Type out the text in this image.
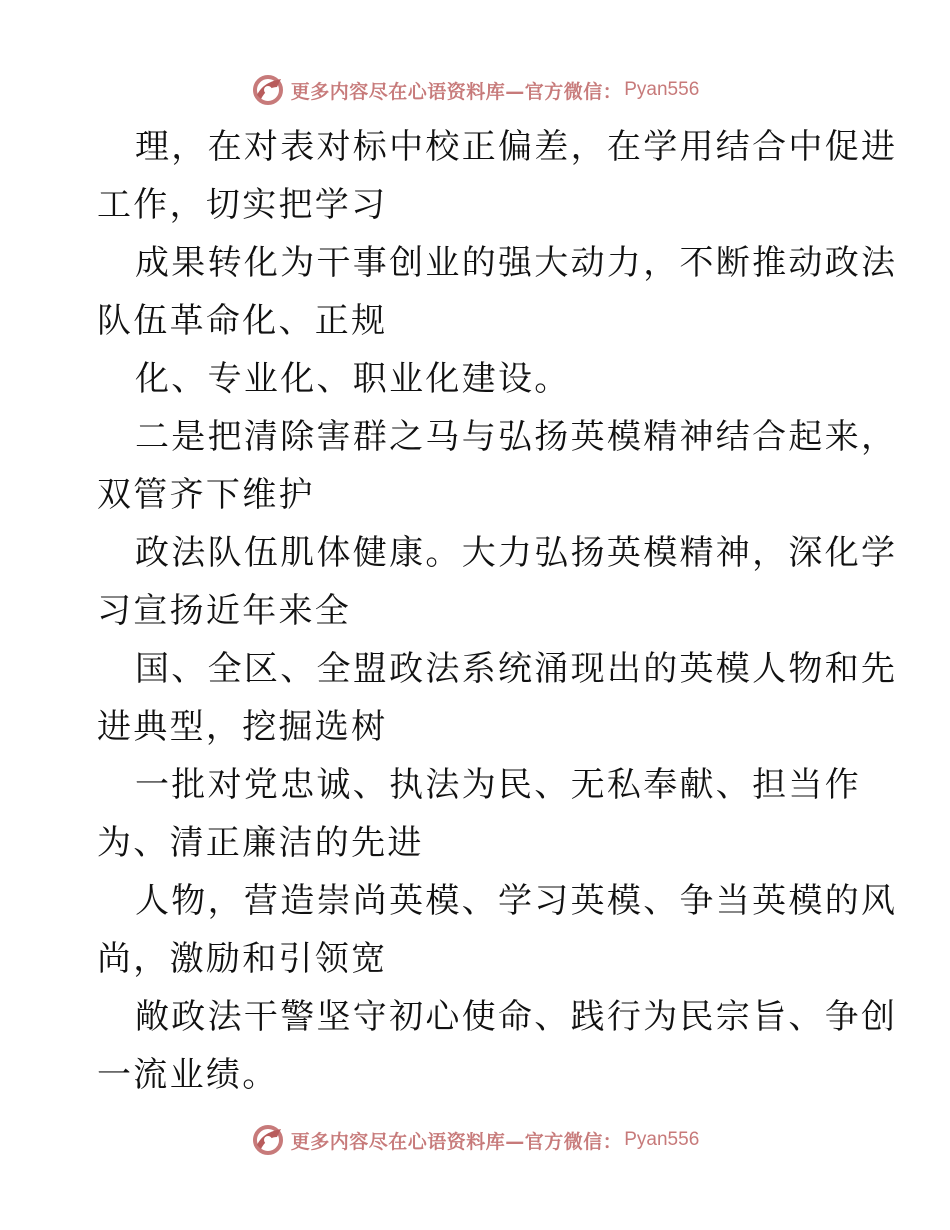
更多内容尽在心语资料库—官方微信： Pyan556

理，在对表对标中校正偏差，在学用结合中促进

工作，切实把学习

成果转化为干事创业的强大动力，不断推动政法

队伍革命化、正规

化、专业化、职业化建设。

二是把清除害群之马与弘扬英模精神结合起来，

双管齐下维护

政法队伍肌体健康。大力弘扬英模精神，深化学

习宣扬近年来全

国、全区、全盟政法系统涌现出的英模人物和先

进典型，挖掘选树

一批对党忠诚、执法为民、无私奉献、担当作

为、清正廉洁的先进

人物，营造崇尚英模、学习英模、争当英模的风

尚，激励和引领宽

敞政法干警坚守初心使命、践行为民宗旨、争创

一流业绩。

更多内容尽在心语资料库—官方微信： Pyan556
